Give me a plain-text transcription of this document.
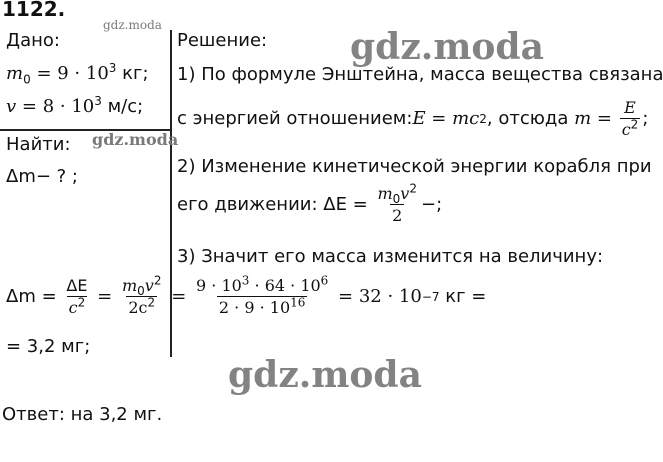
1122.
gdz.moda
Дано:
$m_0 = 9 \cdot 10^3$ кг;
$v = 8 \cdot 10^3$ м/с;
Найти:
Δm− ? ;
gdz.moda
Решение: gdz.moda
1) По формуле Энштейна, масса вещества связана
с энергией отношением: E = mc 2 , отсюда $m = \frac{E}{c^2}$ ;
2) Изменение кинетической энергии корабля при
его движении: $\Delta E = \frac{m_0v^2}{2}$ −;
3) Значит его масса изменится на величину:
$\Delta m = \frac{\Delta E}{c^2} = \frac{m_0v^2}{2c^2} = \frac{9 \cdot 10^3 \cdot 64 \cdot 10^6}{2 \cdot 9 \cdot 10^{16}} = 32 \cdot 10 -7$ кг =
= 3,2 мг;
gdz.moda
Ответ: на 3,2 мг.
